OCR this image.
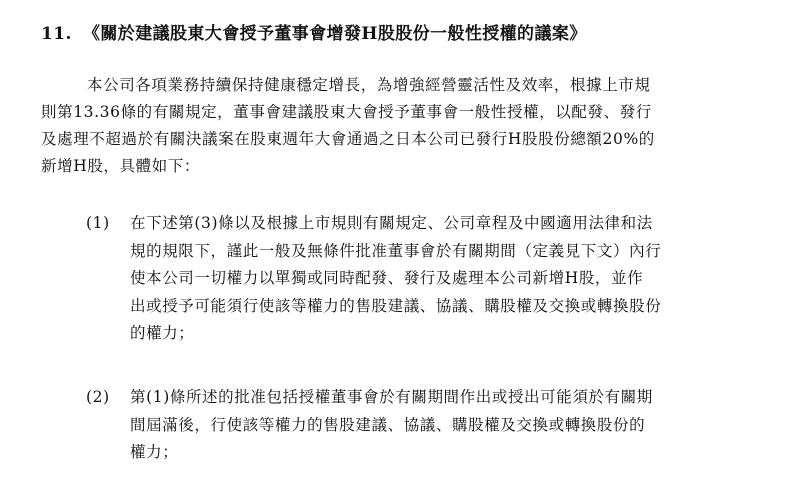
11. 《關於建議股東大會授予董事會增發H股股份一般性授權的議案》
本公司各項業務持續保持健康穩定增長，為增強經營靈活性及效率，根據上市規
則第13.36條的有關規定，董事會建議股東大會授予董事會一般性授權，以配發、發行
及處理不超過於有關決議案在股東週年大會通過之日本公司已發行H股股份總額20%的
新增H股，具體如下：
(1) 在下述第(3)條以及根據上市規則有關規定、公司章程及中國適用法律和法
規的規限下，謹此一般及無條件批准董事會於有關期間（定義見下文）內行
使本公司一切權力以單獨或同時配發、發行及處理本公司新增H股，並作
出或授予可能須行使該等權力的售股建議、協議、購股權及交換或轉換股份
的權力；
(2) 第(1)條所述的批准包括授權董事會於有關期間作出或授出可能須於有關期
間屆滿後，行使該等權力的售股建議、協議、購股權及交換或轉換股份的
權力；
